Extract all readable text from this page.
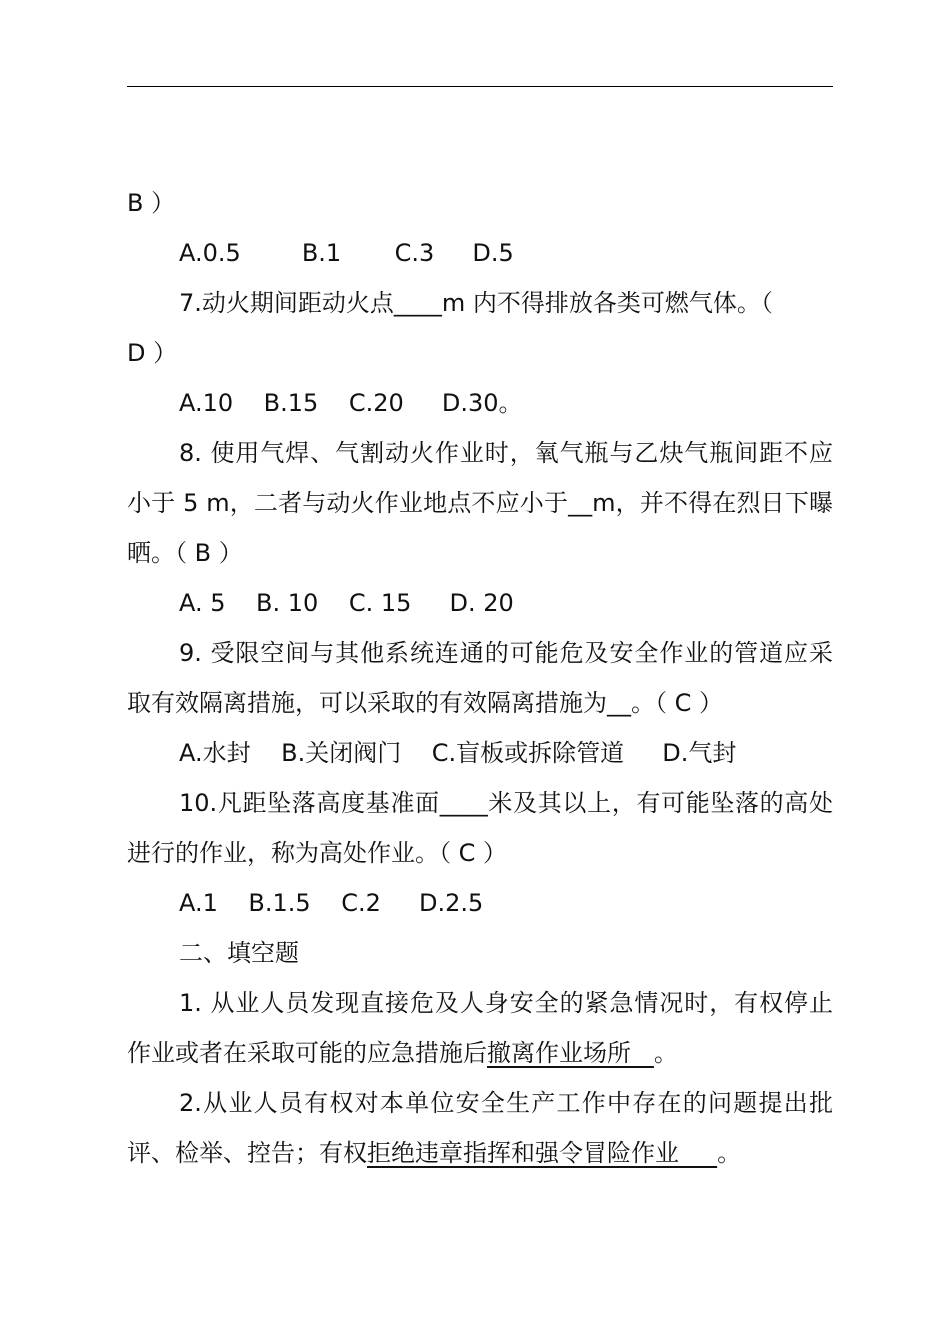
B ）

A.0.5        B.1       C.3     D.5

7.动火期间距动火点____m 内不得排放各类可燃气体。（

D ）

A.10    B.15    C.20     D.30。

8. 使用气焊、气割动火作业时，氧气瓶与乙炔气瓶间距不应小于 5 m，二者与动火作业地点不应小于__m，并不得在烈日下曝晒。（ B ）

A. 5    B. 10    C. 15     D. 20

9. 受限空间与其他系统连通的可能危及安全作业的管道应采取有效隔离措施，可以采取的有效隔离措施为__。（ C ）

A.水封    B.关闭阀门    C.盲板或拆除管道     D.气封

10.凡距坠落高度基准面____米及其以上，有可能坠落的高处进行的作业，称为高处作业。（ C ）

A.1    B.1.5    C.2     D.2.5

二、填空题

1. 从业人员发现直接危及人身安全的紧急情况时，有权停止作业或者在采取可能的应急措施后撤离作业场所   。

2.从业人员有权对本单位安全生产工作中存在的问题提出批评、检举、控告；有权拒绝违章指挥和强令冒险作业     。
